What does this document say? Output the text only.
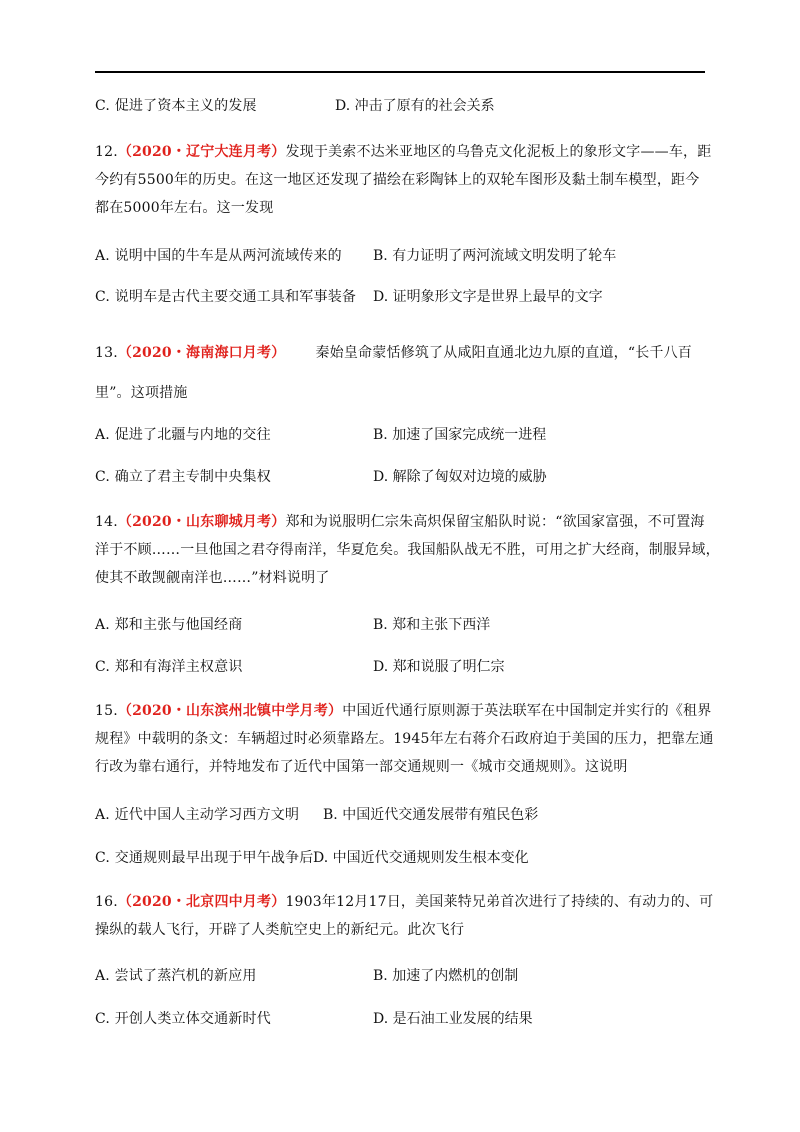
C. 促进了资本主义的发展	D. 冲击了原有的社会关系
12.（2020・辽宁大连月考）发现于美索不达米亚地区的乌鲁克文化泥板上的象形文字——车，距
今约有5500年的历史。在这一地区还发现了描绘在彩陶钵上的双轮车图形及黏土制车模型，距今
都在5000年左右。这一发现
A. 说明中国的牛车是从两河流域传来的 B. 有力证明了两河流域文明发明了轮车
C. 说明车是古代主要交通工具和军事装备 D. 证明象形文字是世界上最早的文字
13.（2020・海南海口月考） 秦始皇命蒙恬修筑了从咸阳直通北边九原的直道，“长千八百
里”。这项措施
A. 促进了北疆与内地的交往	B. 加速了国家完成统一进程
C. 确立了君主专制中央集权	D. 解除了匈奴对边境的威胁
14.（2020・山东聊城月考）郑和为说服明仁宗朱高炽保留宝船队时说：“欲国家富强，不可置海
洋于不顾……一旦他国之君夺得南洋，华夏危矣。我国船队战无不胜，可用之扩大经商，制服异域，
使其不敢觊觎南洋也……”材料说明了
A. 郑和主张与他国经商	B. 郑和主张下西洋
C. 郑和有海洋主权意识	D. 郑和说服了明仁宗
15.（2020・山东滨州北镇中学月考）中国近代通行原则源于英法联军在中国制定并实行的《租界
规程》中载明的条文：车辆超过时必须靠路左。1945年左右蒋介石政府迫于美国的压力，把靠左通
行改为靠右通行，并特地发布了近代中国第一部交通规则一《城市交通规则》。这说明
A. 近代中国人主动学习西方文明 B. 中国近代交通发展带有殖民色彩
C. 交通规则最早出现于甲午战争后 D. 中国近代交通规则发生根本变化
16.（2020・北京四中月考）1903年12月17日，美国莱特兄弟首次进行了持续的、有动力的、可
操纵的载人飞行，开辟了人类航空史上的新纪元。此次飞行
A. 尝试了蒸汽机的新应用	B. 加速了内燃机的创制
C. 开创人类立体交通新时代	D. 是石油工业发展的结果
